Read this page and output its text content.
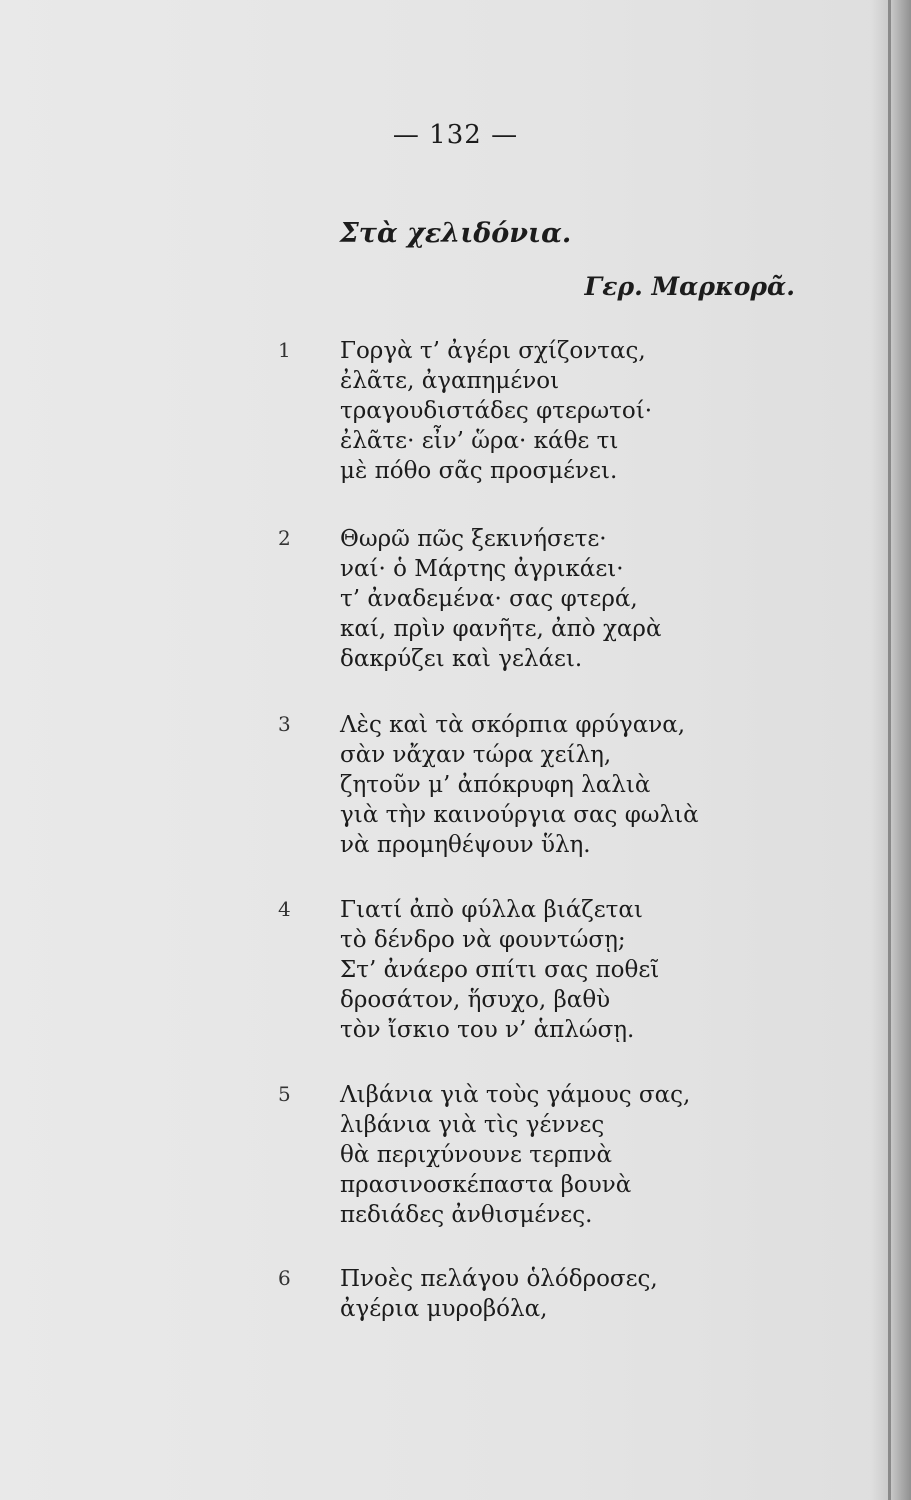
— 132 —
Στὰ χελιδόνια.
Γερ. Μαρκορᾶ.
1 Γοργὰ τ’ ἀγέρι σχίζοντας,
ἐλᾶτε, ἀγαπημένοι
τραγουδιστάδες φτερωτοί·
ἐλᾶτε· εἶν’ ὥρα· κάθε τι
μὲ πόθο σᾶς προσμένει.
2 Θωρῶ πῶς ξεκινήσετε·
ναί· ὁ Μάρτης ἀγρικάει·
τ’ ἀναδεμένα· σας φτερά,
καί, πρὶν φανῆτε, ἀπὸ χαρὰ
δακρύζει καὶ γελάει.
3 Λὲς καὶ τὰ σκόρπια φρύγανα,
σὰν νἄχαν τώρα χείλη,
ζητοῦν μ’ ἀπόκρυφη λαλιὰ
γιὰ τὴν καινούργια σας φωλιὰ
νὰ προμηθέψουν ὕλη.
4 Γιατί ἀπὸ φύλλα βιάζεται
τὸ δένδρο νὰ φουντώσῃ;
Στ’ ἀνάερο σπίτι σας ποθεῖ
δροσάτον, ἥσυχο, βαθὺ
τὸν ἴσκιο του ν’ ἁπλώσῃ.
5 Λιβάνια γιὰ τοὺς γάμους σας,
λιβάνια γιὰ τὶς γέννες
θὰ περιχύνουνε τερπνὰ
πρασινοσκέπαστα βουνὰ
πεδιάδες ἀνθισμένες.
6 Πνοὲς πελάγου ὁλόδροσες,
ἀγέρια μυροβόλα,
